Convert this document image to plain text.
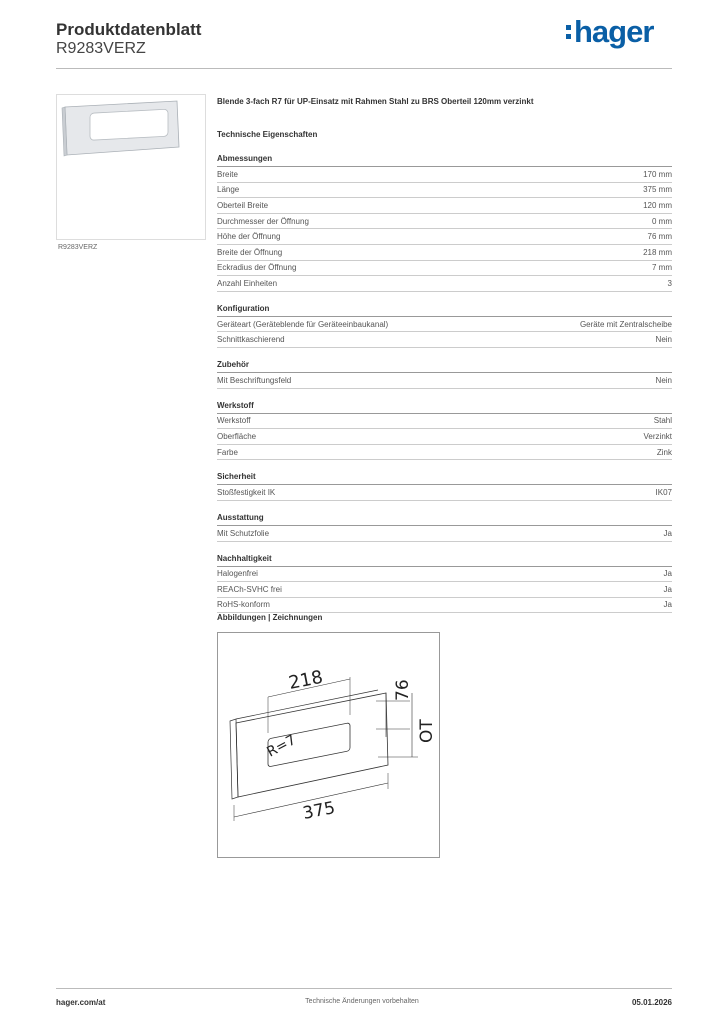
Produktdatenblatt
R9283VERZ	hager
R9283VERZ
Blende 3-fach R7 für UP-Einsatz mit Rahmen Stahl zu BRS Oberteil 120mm verzinkt
Technische Eigenschaften
Abmessungen
Breite	170 mm
Länge	375 mm
Oberteil Breite	120 mm
Durchmesser der Öffnung	0 mm
Höhe der Öffnung	76 mm
Breite der Öffnung	218 mm
Eckradius der Öffnung	7 mm
Anzahl Einheiten	3
Konfiguration
Geräteart (Geräteblende für Geräteeinbaukanal)	Geräte mit Zentralscheibe
Schnittkaschierend	Nein
Zubehör
Mit Beschriftungsfeld	Nein
Werkstoff
Werkstoff	Stahl
Oberfläche	Verzinkt
Farbe	Zink
Sicherheit
Stoßfestigkeit IK	IK07
Ausstattung
Mit Schutzfolie	Ja
Nachhaltigkeit
Halogenfrei	Ja
REACh-SVHC frei	Ja
RoHS-konform	Ja
Abbildungen | Zeichnungen
218	76
OT
R=7
375
hager.com/at	Technische Änderungen vorbehalten	05.01.2026
